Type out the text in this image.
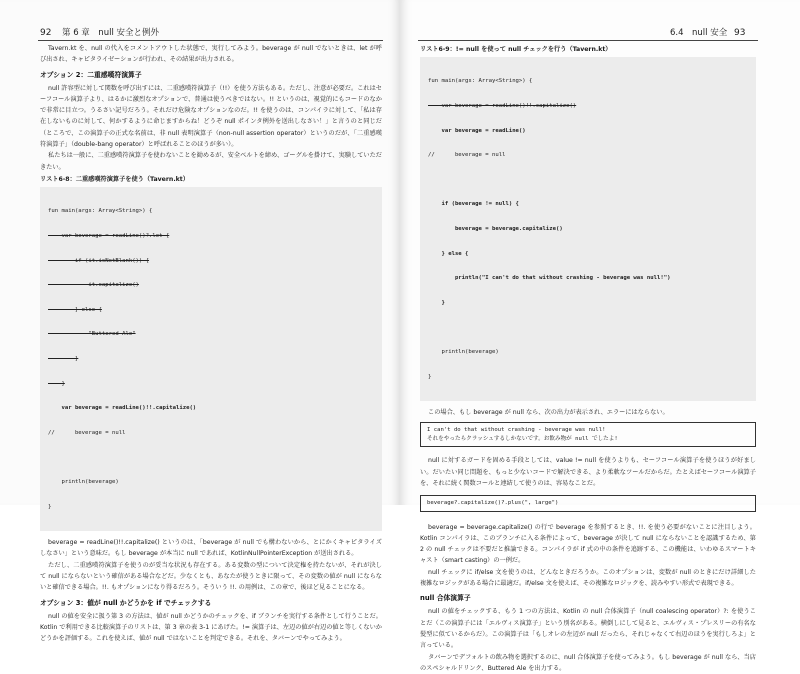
92 第 6 章　null 安全と例外

Tavern.kt を、null の代入をコメントアウトした状態で、実行してみよう。beverage が null でないときは、let が呼び出され、キャピタライゼーションが行われ、その結果が出力される。

オプション 2：二重感嘆符演算子

null 許容型に対して関数を呼び出すには、二重感嘆符演算子（!!）を使う方法もある。ただし、注意が必要だ。これはセーフコール演算子より、はるかに激烈なオプションで、普通は使うべきではない。!! というのは、視覚的にもコードのなかで非常に目立つ。うるさい記号だろう。それだけ危険なオプションなのだ。!! を使うのは、コンパイラに対して、「私は存在しないものに対して、何かするように命じますからね！どうぞ null ポインタ例外を送出しなさい！」と言うのと同じだ（ところで、この演算子の正式な名前は、非 null 表明演算子（non-null assertion operator）というのだが、「二重感嘆符演算子」（double-bang operator）と呼ばれることのほうが多い）。

私たちは一般に、二重感嘆符演算子を使わないことを勧めるが、安全ベルトを締め、ゴーグルを掛けて、実験していただきたい。

リスト6-8：二重感嘆符演算子を使う（Tavern.kt）

fun main(args: Array<String>) {

var beverage = readLine()?.let {

if (it.isNotBlank()) {

it.capitalize()

} else {

"Buttered Ale"

}

}

var beverage = readLine()!!.capitalize()

//      beverage = null

println(beverage)

}

beverage = readLine()!!.capitalize() というのは、「beverage が null でも構わないから、とにかくキャピタライズしなさい」という意味だ。もし beverage が本当に null であれば、KotlinNullPointerException が送出される。

ただし、二重感嘆符演算子を使うのが妥当な状況も存在する。ある変数の型について決定権を持たないが、それが決して null にならないという確信がある場合などだ。少なくとも、あなたが使うときに限って、その変数の値が null にならないと確信できる場合。!!. もオプションになり得るだろう。そういう !!. の用例は、この章で、後ほど見ることになる。

オプション 3：値が null かどうかを if でチェックする

null の値を安全に扱う第 3 の方法は、値が null かどうかのチェックを、if ブランチを実行する条件として行うことだ。Kotlin で利用できる比較演算子のリストは、第 3 章の表 3-1 にあげた。!= 演算子は、左辺の値が右辺の値と等しくないかどうかを評価する。これを使えば、値が null ではないことを判定できる。それを、タバーンでやってみよう。

6.4　null 安全 93
リスト6-9：!= null を使って null チェックを行う（Tavern.kt）

fun main(args: Array<String>) {

var beverage = readLine()!!.capitalize()

var beverage = readLine()

//      beverage = null

if (beverage != null) {

beverage = beverage.capitalize()

} else {

println("I can't do that without crashing - beverage was null!")

}

println(beverage)

}

この場合、もし beverage が null なら、次の出力が表示され、エラーにはならない。

I can't do that without crashing - beverage was null!
それをやったらクラッシュするしかないです。お飲み物が null でしたよ!

null に対するガードを固める手段としては、value != null を使うよりも、セーフコール演算子を使うほうが好ましい。だいたい同じ問題を、もっと少ないコードで解決できる、より柔軟なツールだからだ。たとえばセーフコール演算子を、それに続く関数コールと連結して使うのは、容易なことだ。

beverage?.capitalize()?.plus(", large")

beverage = beverage.capitalize() の行で beverage を参照するとき、!!. を使う必要がないことに注目しよう。Kotlin コンパイラは、このブランチに入る条件によって、beverage が決して null にならないことを認識するため、第 2 の null チェックは不要だと推論できる。コンパイラが if 式の中の条件を追跡する、この機能は、いわゆるスマートキャスト（smart casting）の一例だ。

null チェックに if/else 文を使うのは、どんなときだろうか。このオプションは、変数が null のときにだけ詳細した複雑なロジックがある場合に最適だ。if/else 文を使えば、その複雑なロジックを、読みやすい形式で表現できる。

null 合体演算子

null の値をチェックする、もう 1 つの方法は、Kotlin の null 合体演算子（null coalescing operator）?: を使うことだ（この演算子には「エルヴィス演算子」という別名がある。横倒しにして見ると、エルヴィス・プレスリーの有名な髪型に似ているからだ）。この演算子は「もしオレの左辺が null だったら、それじゃなくて右辺のほうを実行しろよ」と言っている。

タバーンでデフォルトの飲み物を選択するのに、null 合体演算子を使ってみよう。もし beverage が null なら、当店のスペシャルドリンク、Buttered Ale を出力する。
